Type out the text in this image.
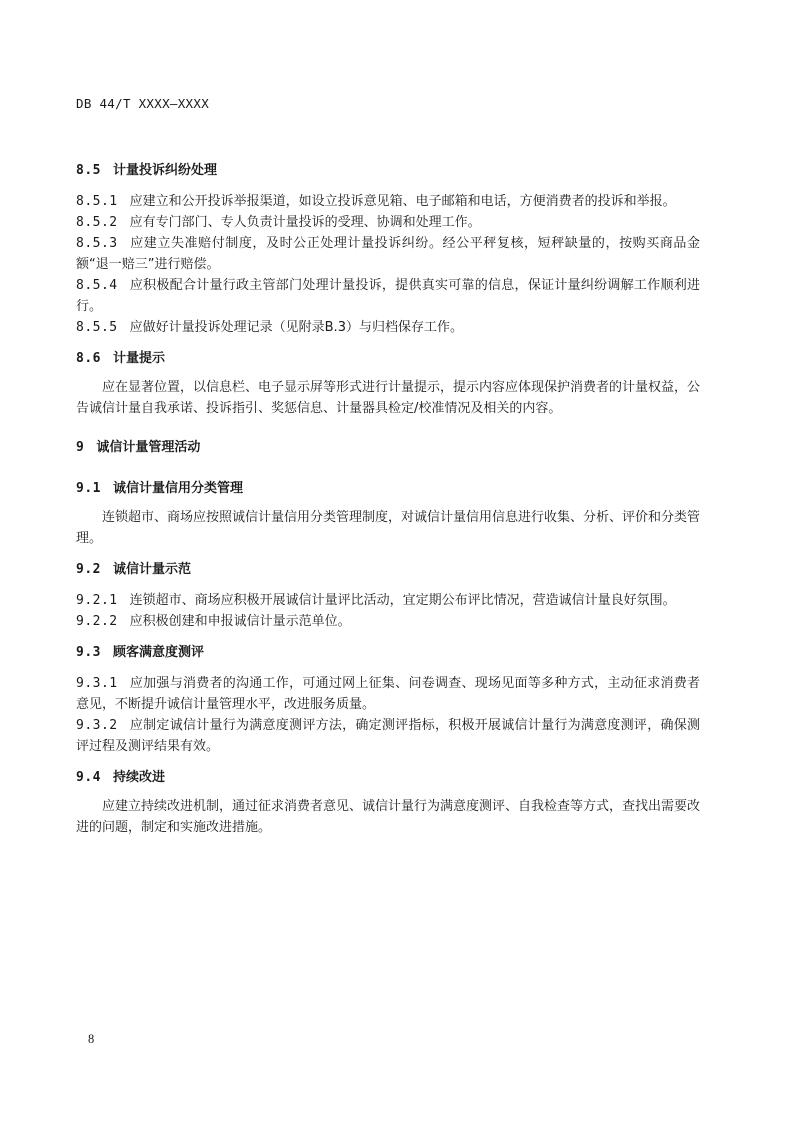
DB 44/T XXXX—XXXX

8.5 计量投诉纠纷处理

8.5.1 应建立和公开投诉举报渠道，如设立投诉意见箱、电子邮箱和电话，方便消费者的投诉和举报。

8.5.2 应有专门部门、专人负责计量投诉的受理、协调和处理工作。

8.5.3 应建立失准赔付制度，及时公正处理计量投诉纠纷。经公平秤复核，短秤缺量的，按购买商品金额“退一赔三”进行赔偿。

8.5.4 应积极配合计量行政主管部门处理计量投诉，提供真实可靠的信息，保证计量纠纷调解工作顺利进行。

8.5.5 应做好计量投诉处理记录（见附录B.3）与归档保存工作。

8.6 计量提示

应在显著位置，以信息栏、电子显示屏等形式进行计量提示，提示内容应体现保护消费者的计量权益，公告诚信计量自我承诺、投诉指引、奖惩信息、计量器具检定/校准情况及相关的内容。

9 诚信计量管理活动

9.1 诚信计量信用分类管理

连锁超市、商场应按照诚信计量信用分类管理制度，对诚信计量信用信息进行收集、分析、评价和分类管理。

9.2 诚信计量示范

9.2.1 连锁超市、商场应积极开展诚信计量评比活动，宜定期公布评比情况，营造诚信计量良好氛围。

9.2.2 应积极创建和申报诚信计量示范单位。

9.3 顾客满意度测评

9.3.1 应加强与消费者的沟通工作，可通过网上征集、问卷调查、现场见面等多种方式，主动征求消费者意见，不断提升诚信计量管理水平，改进服务质量。

9.3.2 应制定诚信计量行为满意度测评方法，确定测评指标，积极开展诚信计量行为满意度测评，确保测评过程及测评结果有效。

9.4 持续改进

应建立持续改进机制，通过征求消费者意见、诚信计量行为满意度测评、自我检查等方式，查找出需要改进的问题，制定和实施改进措施。

8
